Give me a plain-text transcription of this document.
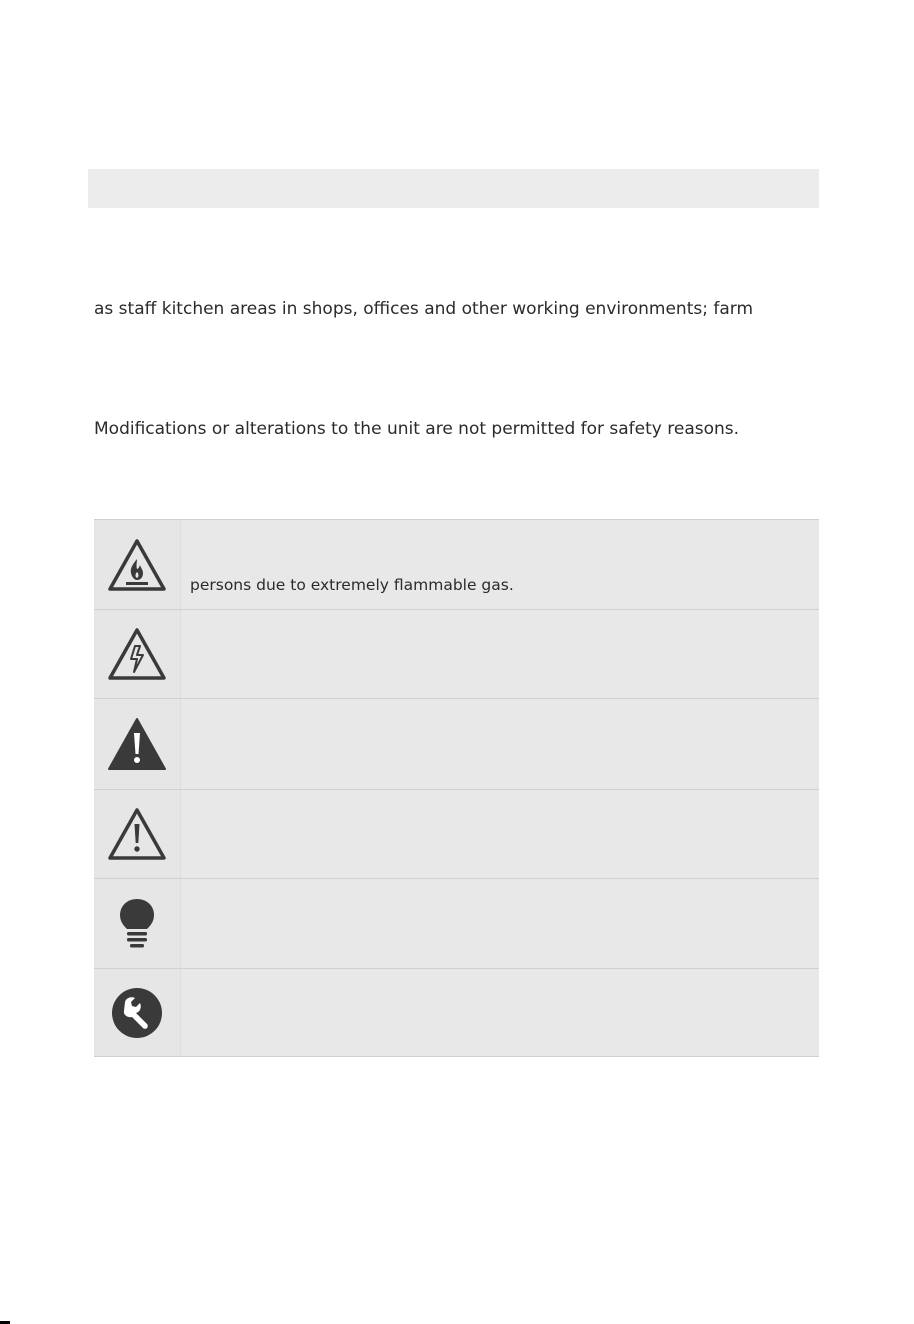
as staff kitchen areas in shops, offices and other working environments; farm

Modifications or alterations to the unit are not permitted for safety reasons.

persons due to extremely flammable gas.
